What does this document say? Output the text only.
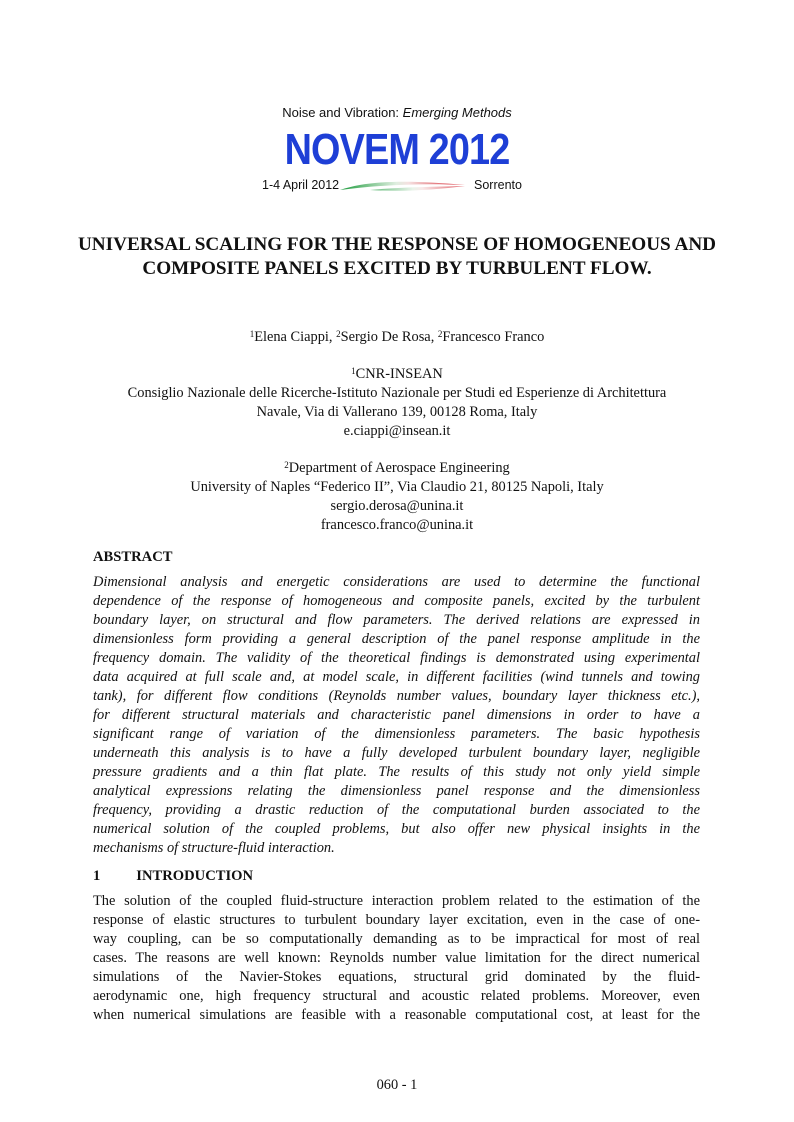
Noise and Vibration: Emerging Methods
NOVEM 2012
1-4 April 2012	Sorrento
UNIVERSAL SCALING FOR THE RESPONSE OF HOMOGENEOUS AND COMPOSITE PANELS EXCITED BY TURBULENT FLOW.
$^1$Elena Ciappi, $^2$Sergio De Rosa, $^2$Francesco Franco
$^1$CNR-INSEAN
Consiglio Nazionale delle Ricerche-Istituto Nazionale per Studi ed Esperienze di Architettura
Navale, Via di Vallerano 139, 00128 Roma, Italy
e.ciappi@insean.it
$^2$Department of Aerospace Engineering
University of Naples “Federico II”, Via Claudio 21, 80125 Napoli, Italy
sergio.derosa@unina.it
francesco.franco@unina.it
ABSTRACT
Dimensional analysis and energetic considerations are used to determine the functional
dependence of the response of homogeneous and composite panels, excited by the turbulent
boundary layer, on structural and flow parameters. The derived relations are expressed in
dimensionless form providing a general description of the panel response amplitude in the
frequency domain. The validity of the theoretical findings is demonstrated using experimental
data acquired at full scale and, at model scale, in different facilities (wind tunnels and towing
tank), for different flow conditions (Reynolds number values, boundary layer thickness etc.),
for different structural materials and characteristic panel dimensions in order to have a
significant range of variation of the dimensionless parameters. The basic hypothesis
underneath this analysis is to have a fully developed turbulent boundary layer, negligible
pressure gradients and a thin flat plate. The results of this study not only yield simple
analytical expressions relating the dimensionless panel response and the dimensionless
frequency, providing a drastic reduction of the computational burden associated to the
numerical solution of the coupled problems, but also offer new physical insights in the
mechanisms of structure-fluid interaction.
1 INTRODUCTION
The solution of the coupled fluid-structure interaction problem related to the estimation of the
response of elastic structures to turbulent boundary layer excitation, even in the case of one-
way coupling, can be so computationally demanding as to be impractical for most of real
cases. The reasons are well known: Reynolds number value limitation for the direct numerical
simulations of the Navier-Stokes equations, structural grid dominated by the fluid-
aerodynamic one, high frequency structural and acoustic related problems. Moreover, even
when numerical simulations are feasible with a reasonable computational cost, at least for the
060 - 1
